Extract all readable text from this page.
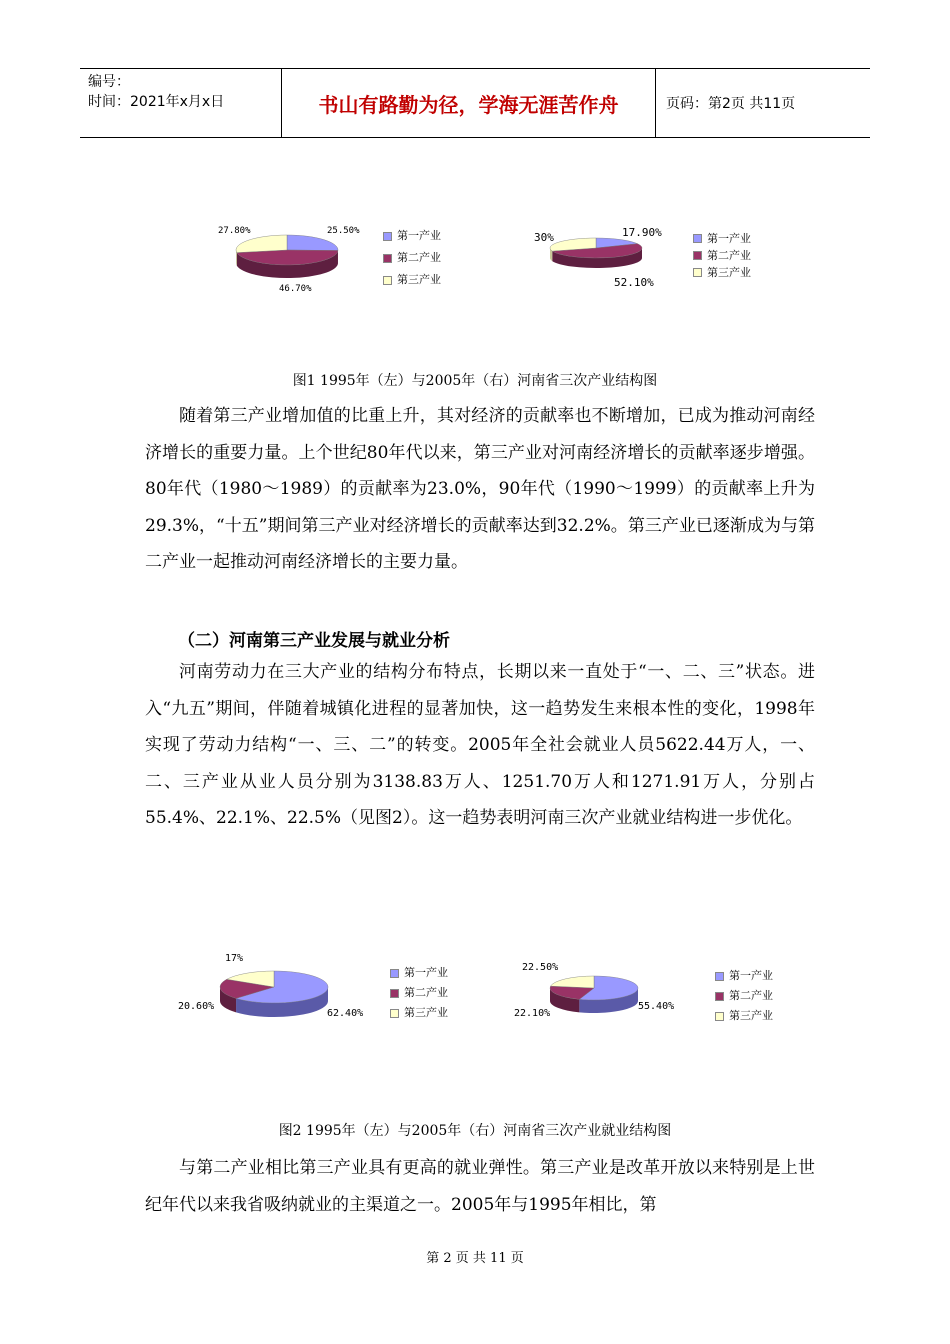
编号：
时间：2021年x月x日	书山有路勤为径，学海无涯苦作舟	页码：第2页 共11页
25.50%
46.70%
27.80%	第一产业
第二产业
第三产业
17.90%
52.10%
30%	第一产业
第二产业
第三产业
图1 1995年（左）与2005年（右）河南省三次产业结构图

随着第三产业增加值的比重上升，其对经济的贡献率也不断增加，已成为推动河南经济增长的重要力量。上个世纪80年代以来，第三产业对河南经济增长的贡献率逐步增强。80年代（1980～1989）的贡献率为23.0%，90年代（1990～1999）的贡献率上升为29.3%，“十五”期间第三产业对经济增长的贡献率达到32.2%。第三产业已逐渐成为与第二产业一起推动河南经济增长的主要力量。

（二）河南第三产业发展与就业分析

河南劳动力在三大产业的结构分布特点，长期以来一直处于“一、二、三”状态。进入“九五”期间，伴随着城镇化进程的显著加快，这一趋势发生来根本性的变化，1998年实现了劳动力结构“一、三、二”的转变。2005年全社会就业人员5622.44万人，一、二、三产业从业人员分别为3138.83万人、1251.70万人和1271.91万人，分别占55.4%、22.1%、22.5%（见图2）。这一趋势表明河南三次产业就业结构进一步优化。

62.40%
20.60%
17%
第一产业
第二产业
第三产业	55.40%
22.10%
22.50%
第一产业
第二产业
第三产业
图2 1995年（左）与2005年（右）河南省三次产业就业结构图

与第二产业相比第三产业具有更高的就业弹性。第三产业是改革开放以来特别是上世纪年代以来我省吸纳就业的主渠道之一。2005年与1995年相比，第

第 2 页 共 11 页
